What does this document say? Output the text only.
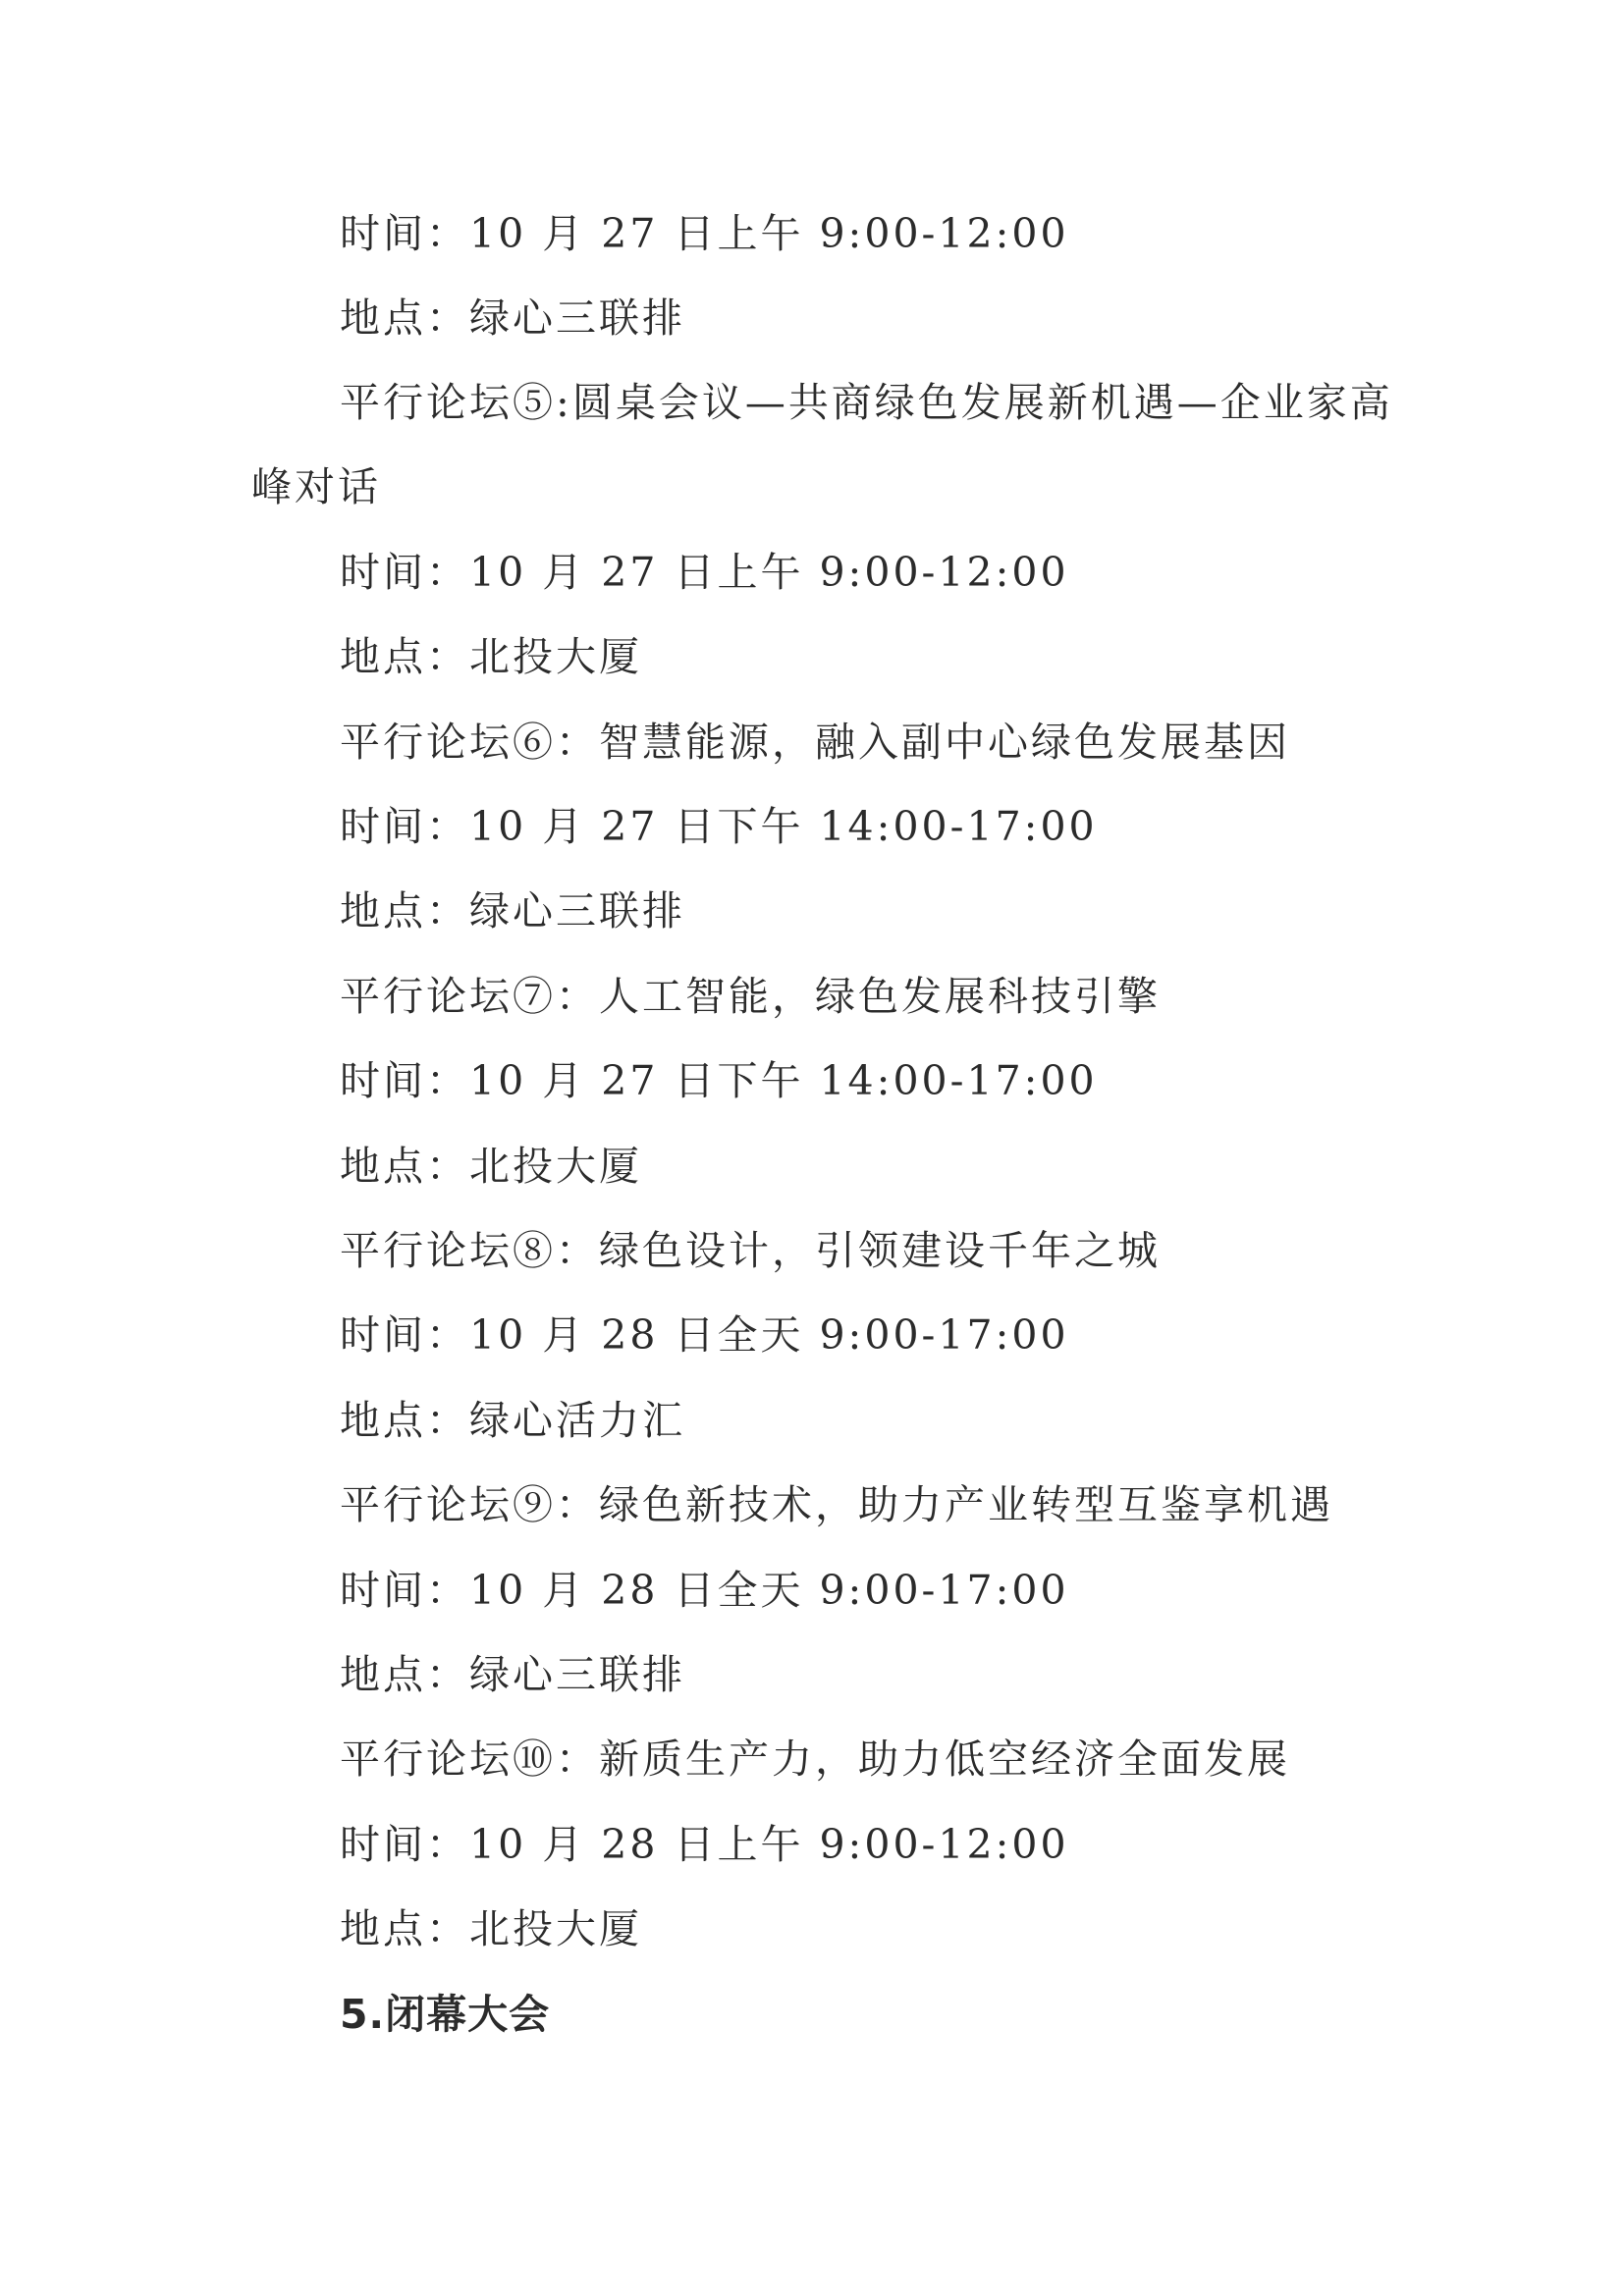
时间：10 月 27 日上午 9:00-12:00
地点：绿心三联排
平行论坛⑤:圆桌会议—共商绿色发展新机遇—企业家高
峰对话
时间：10 月 27 日上午 9:00-12:00
地点：北投大厦
平行论坛⑥：智慧能源，融入副中心绿色发展基因
时间：10 月 27 日下午 14:00-17:00
地点：绿心三联排
平行论坛⑦：人工智能，绿色发展科技引擎
时间：10 月 27 日下午 14:00-17:00
地点：北投大厦
平行论坛⑧：绿色设计，引领建设千年之城
时间：10 月 28 日全天 9:00-17:00
地点：绿心活力汇
平行论坛⑨：绿色新技术，助力产业转型互鉴享机遇
时间：10 月 28 日全天 9:00-17:00
地点：绿心三联排
平行论坛⑩：新质生产力，助力低空经济全面发展
时间：10 月 28 日上午 9:00-12:00
地点：北投大厦
5.闭幕大会
